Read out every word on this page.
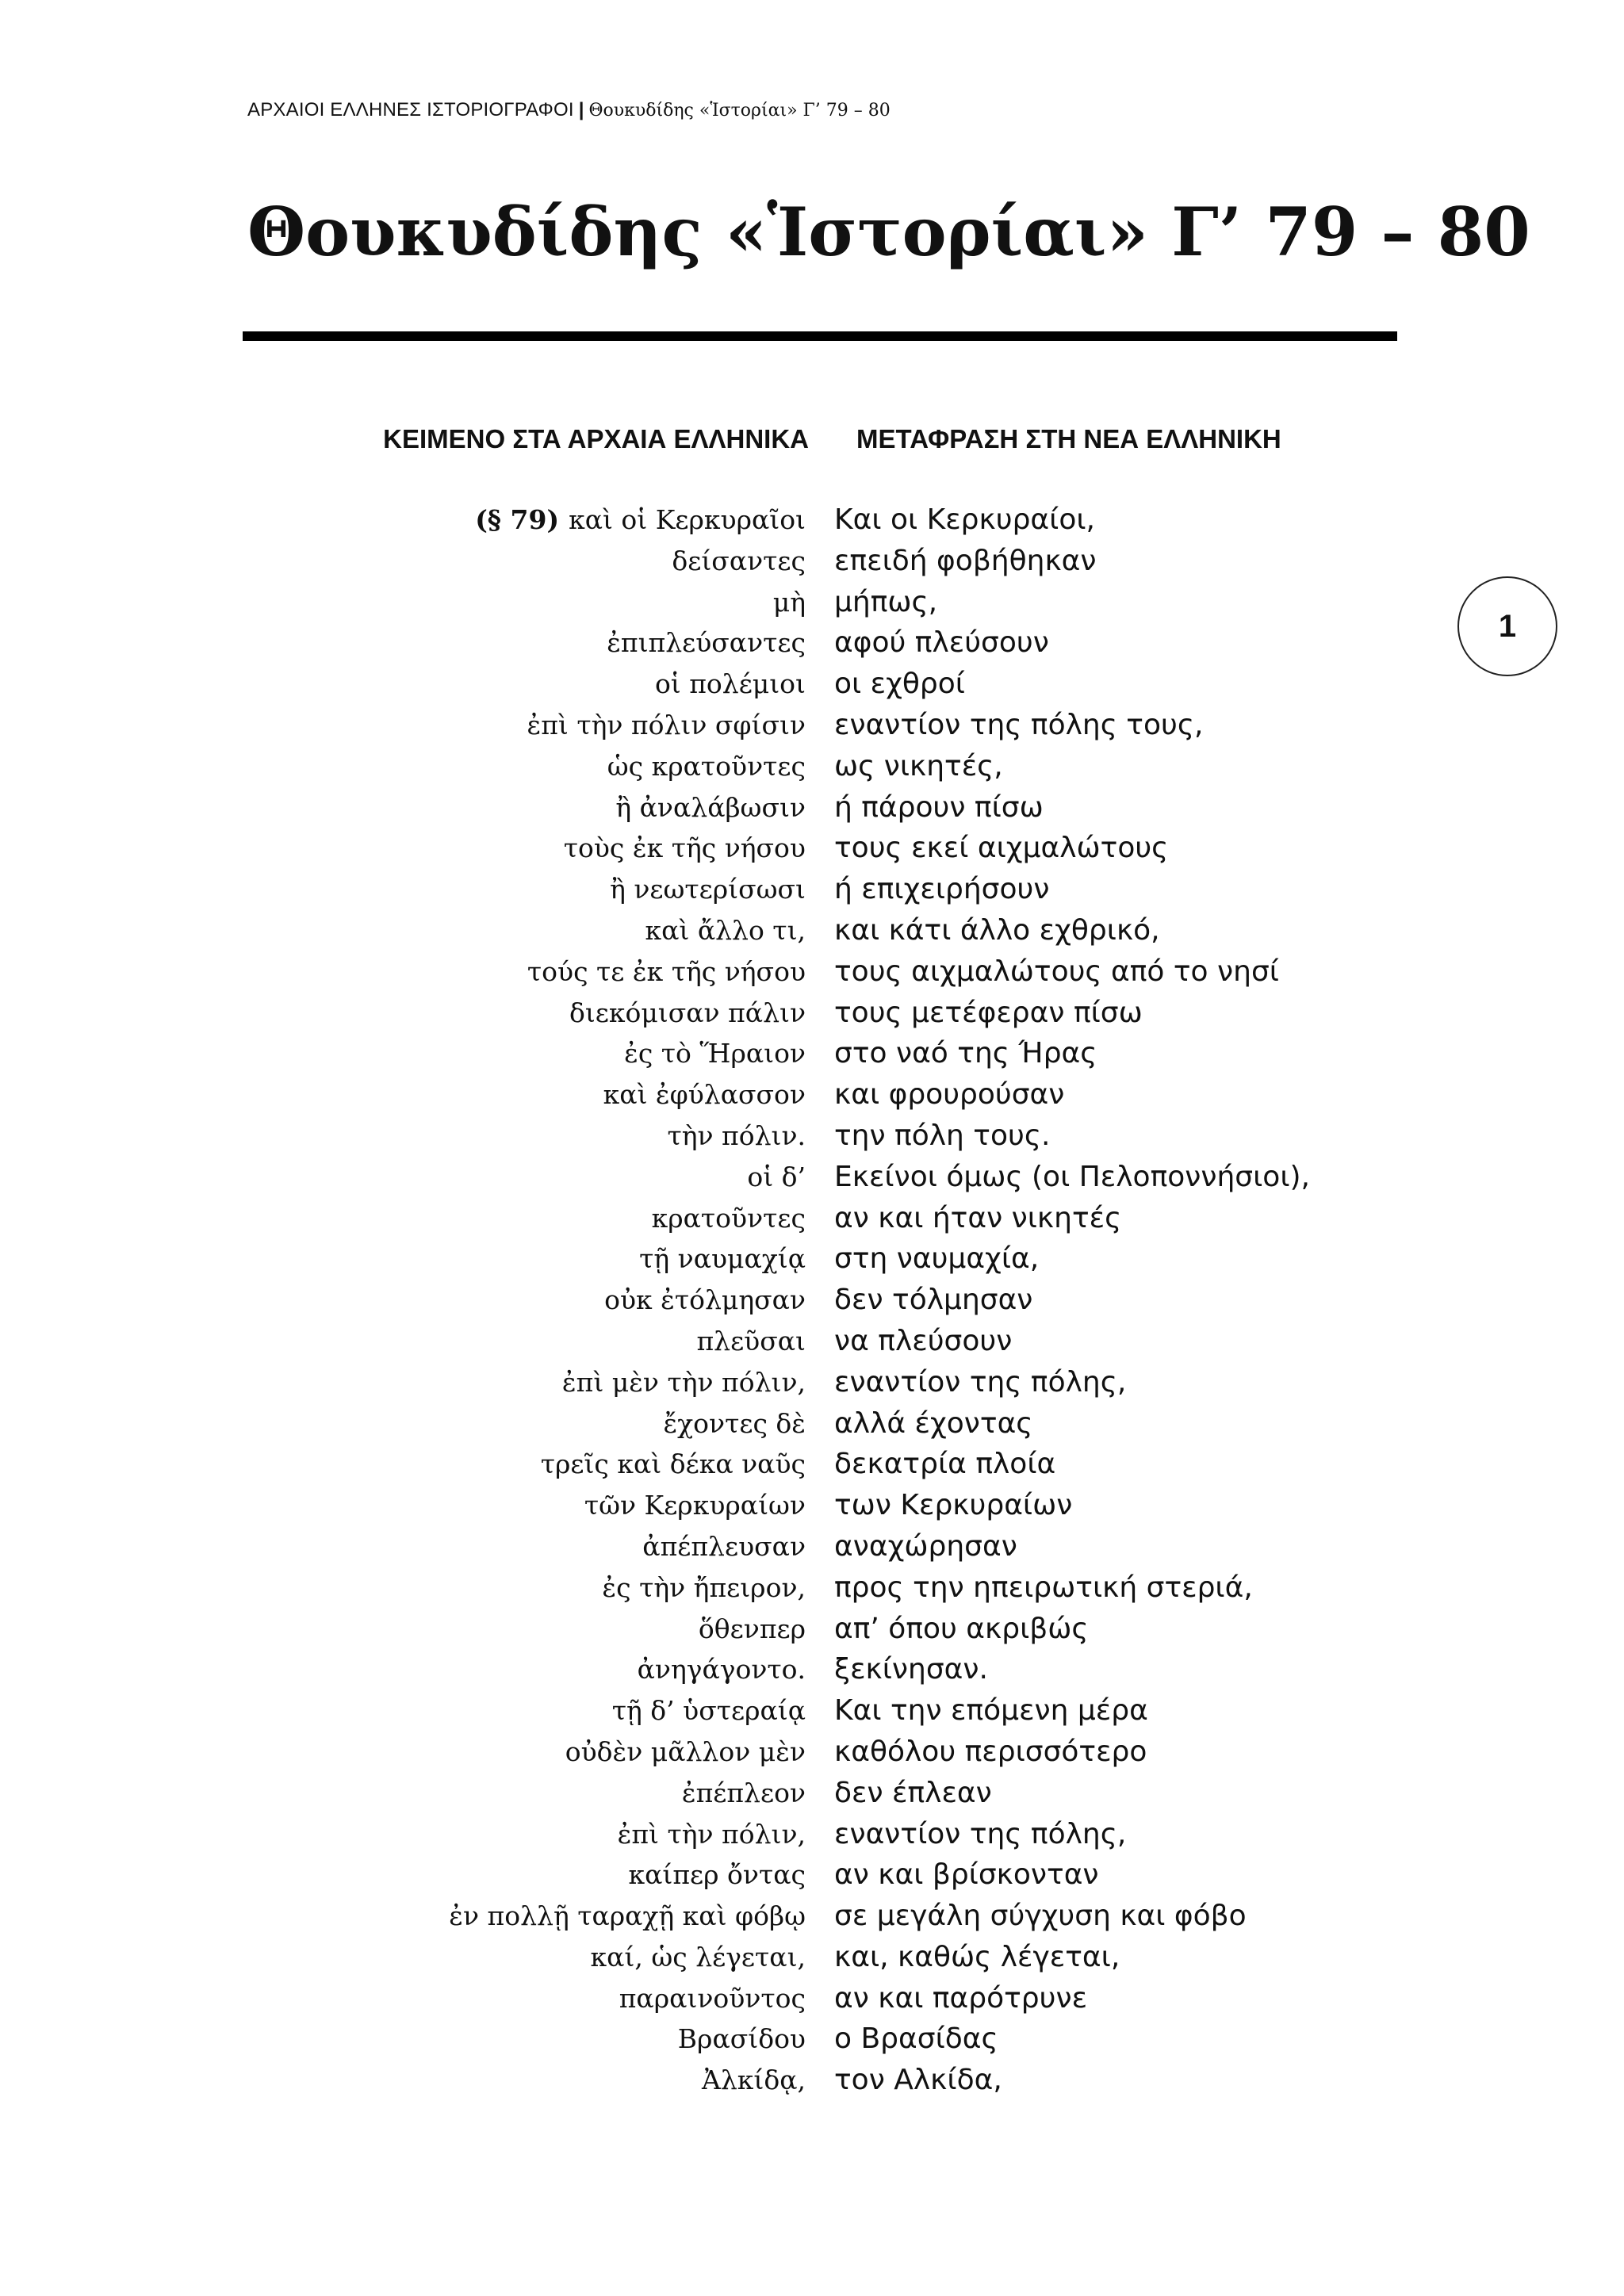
ΑΡΧΑΙΟΙ ΕΛΛΗΝΕΣ ΙΣΤΟΡΙΟΓΡΑΦΟΙ | Θουκυδίδης «Ἱστορίαι» Γ’ 79 – 80
Θουκυδίδης «Ἱστορίαι» Γ’ 79 – 80
ΚΕΙΜΕΝΟ ΣΤΑ ΑΡΧΑΙΑ ΕΛΛΗΝΙΚΑ ΜΕΤΑΦΡΑΣΗ ΣΤΗ ΝΕΑ ΕΛΛΗΝΙΚΗ
1
(§ 79) καὶ οἱ Κερκυραῖοι Και οι Κερκυραίοι,
δείσαντες επειδή φοβήθηκαν
μὴ μήπως,
ἐπιπλεύσαντες αφού πλεύσουν
οἱ πολέμιοι οι εχθροί
ἐπὶ τὴν πόλιν σφίσιν εναντίον της πόλης τους,
ὡς κρατοῦντες ως νικητές,
ἢ ἀναλάβωσιν ή πάρουν πίσω
τοὺς ἐκ τῆς νήσου τους εκεί αιχμαλώτους
ἢ νεωτερίσωσι ή επιχειρήσουν
καὶ ἄλλο τι, και κάτι άλλο εχθρικό,
τούς τε ἐκ τῆς νήσου τους αιχμαλώτους από το νησί
διεκόμισαν πάλιν τους μετέφεραν πίσω
ἐς τὸ Ἥραιον στο ναό της Ήρας
καὶ ἐφύλασσον και φρουρούσαν
τὴν πόλιν. την πόλη τους.
οἱ δ’ Εκείνοι όμως (οι Πελοποννήσιοι),
κρατοῦντες αν και ήταν νικητές
τῇ ναυμαχίᾳ στη ναυμαχία,
οὐκ ἐτόλμησαν δεν τόλμησαν
πλεῦσαι να πλεύσουν
ἐπὶ μὲν τὴν πόλιν, εναντίον της πόλης,
ἔχοντες δὲ αλλά έχοντας
τρεῖς καὶ δέκα ναῦς δεκατρία πλοία
τῶν Κερκυραίων των Κερκυραίων
ἀπέπλευσαν αναχώρησαν
ἐς τὴν ἤπειρον, προς την ηπειρωτική στεριά,
ὅθενπερ απ’ όπου ακριβώς
ἀνηγάγοντο. ξεκίνησαν.
τῇ δ’ ὑστεραίᾳ Και την επόμενη μέρα
οὐδὲν μᾶλλον μὲν καθόλου περισσότερο
ἐπέπλεον δεν έπλεαν
ἐπὶ τὴν πόλιν, εναντίον της πόλης,
καίπερ ὄντας αν και βρίσκονταν
ἐν πολλῇ ταραχῇ καὶ φόβῳ σε μεγάλη σύγχυση και φόβο
καί, ὡς λέγεται, και, καθώς λέγεται,
παραινοῦντος αν και παρότρυνε
Βρασίδου ο Βρασίδας
Ἀλκίδᾳ, τον Αλκίδα,
